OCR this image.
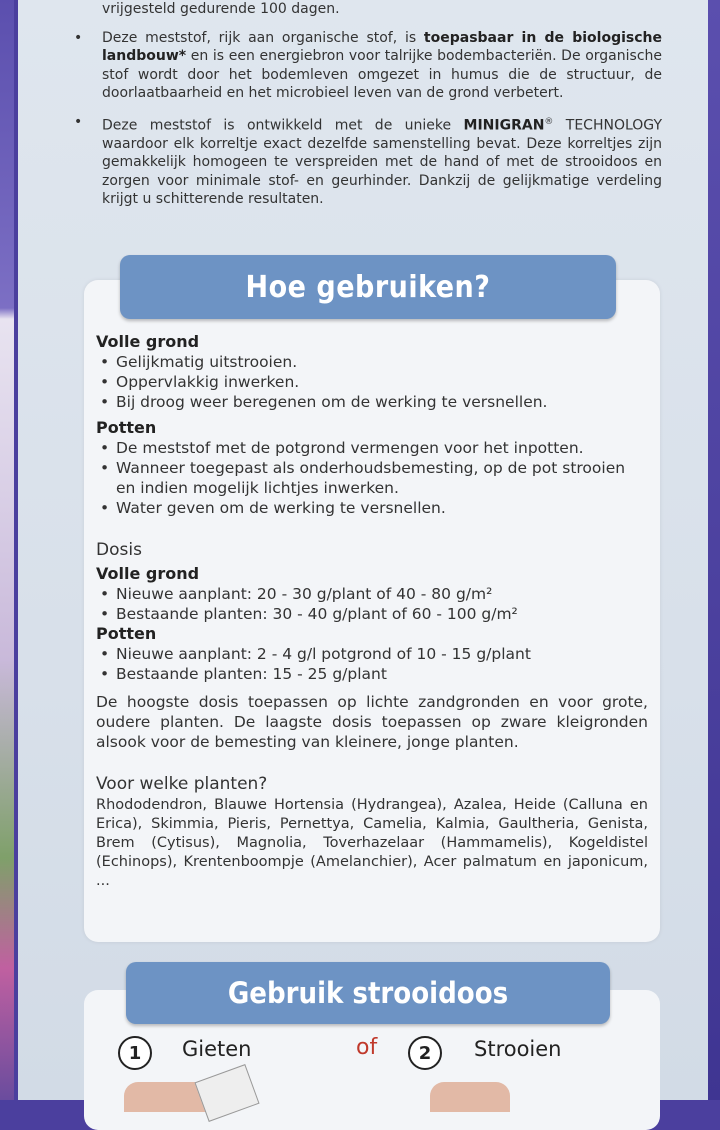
vrijgesteld gedurende 100 dagen.

• Deze meststof, rijk aan organische stof, is toepasbaar in de biologische landbouw* en is een energiebron voor talrijke bodembacteriën. De organische stof wordt door het bodemleven omgezet in humus die de structuur, de doorlaatbaarheid en het microbieel leven van de grond verbetert.

• Deze meststof is ontwikkeld met de unieke MINIGRAN® TECHNOLOGY waardoor elk korreltje exact dezelfde samenstelling bevat. Deze korreltjes zijn gemakkelijk homogeen te verspreiden met de hand of met de strooidoos en zorgen voor minimale stof- en geurhinder. Dankzij de gelijkmatige verdeling krijgt u schitterende resultaten.

Hoe gebruiken?
Volle grond
• Gelijkmatig uitstrooien.
• Oppervlakkig inwerken.
• Bij droog weer beregenen om de werking te versnellen.
Potten
• De meststof met de potgrond vermengen voor het inpotten.
• Wanneer toegepast als onderhoudsbemesting, op de pot strooien en indien mogelijk lichtjes inwerken.
• Water geven om de werking te versnellen.
Dosis
Volle grond
• Nieuwe aanplant: 20 - 30 g/plant of 40 - 80 g/m²
• Bestaande planten: 30 - 40 g/plant of 60 - 100 g/m²
Potten
• Nieuwe aanplant: 2 - 4 g/l potgrond of 10 - 15 g/plant
• Bestaande planten: 15 - 25 g/plant
De hoogste dosis toepassen op lichte zandgronden en voor grote, oudere planten. De laagste dosis toepassen op zware kleigronden alsook voor de bemesting van kleinere, jonge planten.
Voor welke planten?
Rhododendron, Blauwe Hortensia (Hydrangea), Azalea, Heide (Calluna en Erica), Skimmia, Pieris, Pernettya, Camelia, Kalmia, Gaultheria, Genista, Brem (Cytisus), Magnolia, Toverhazelaar (Hammamelis), Kogeldistel (Echinops), Krentenboompje (Amelanchier), Acer palmatum en japonicum, ...
Gebruik strooidoos
1	Gieten	of	2	Strooien
